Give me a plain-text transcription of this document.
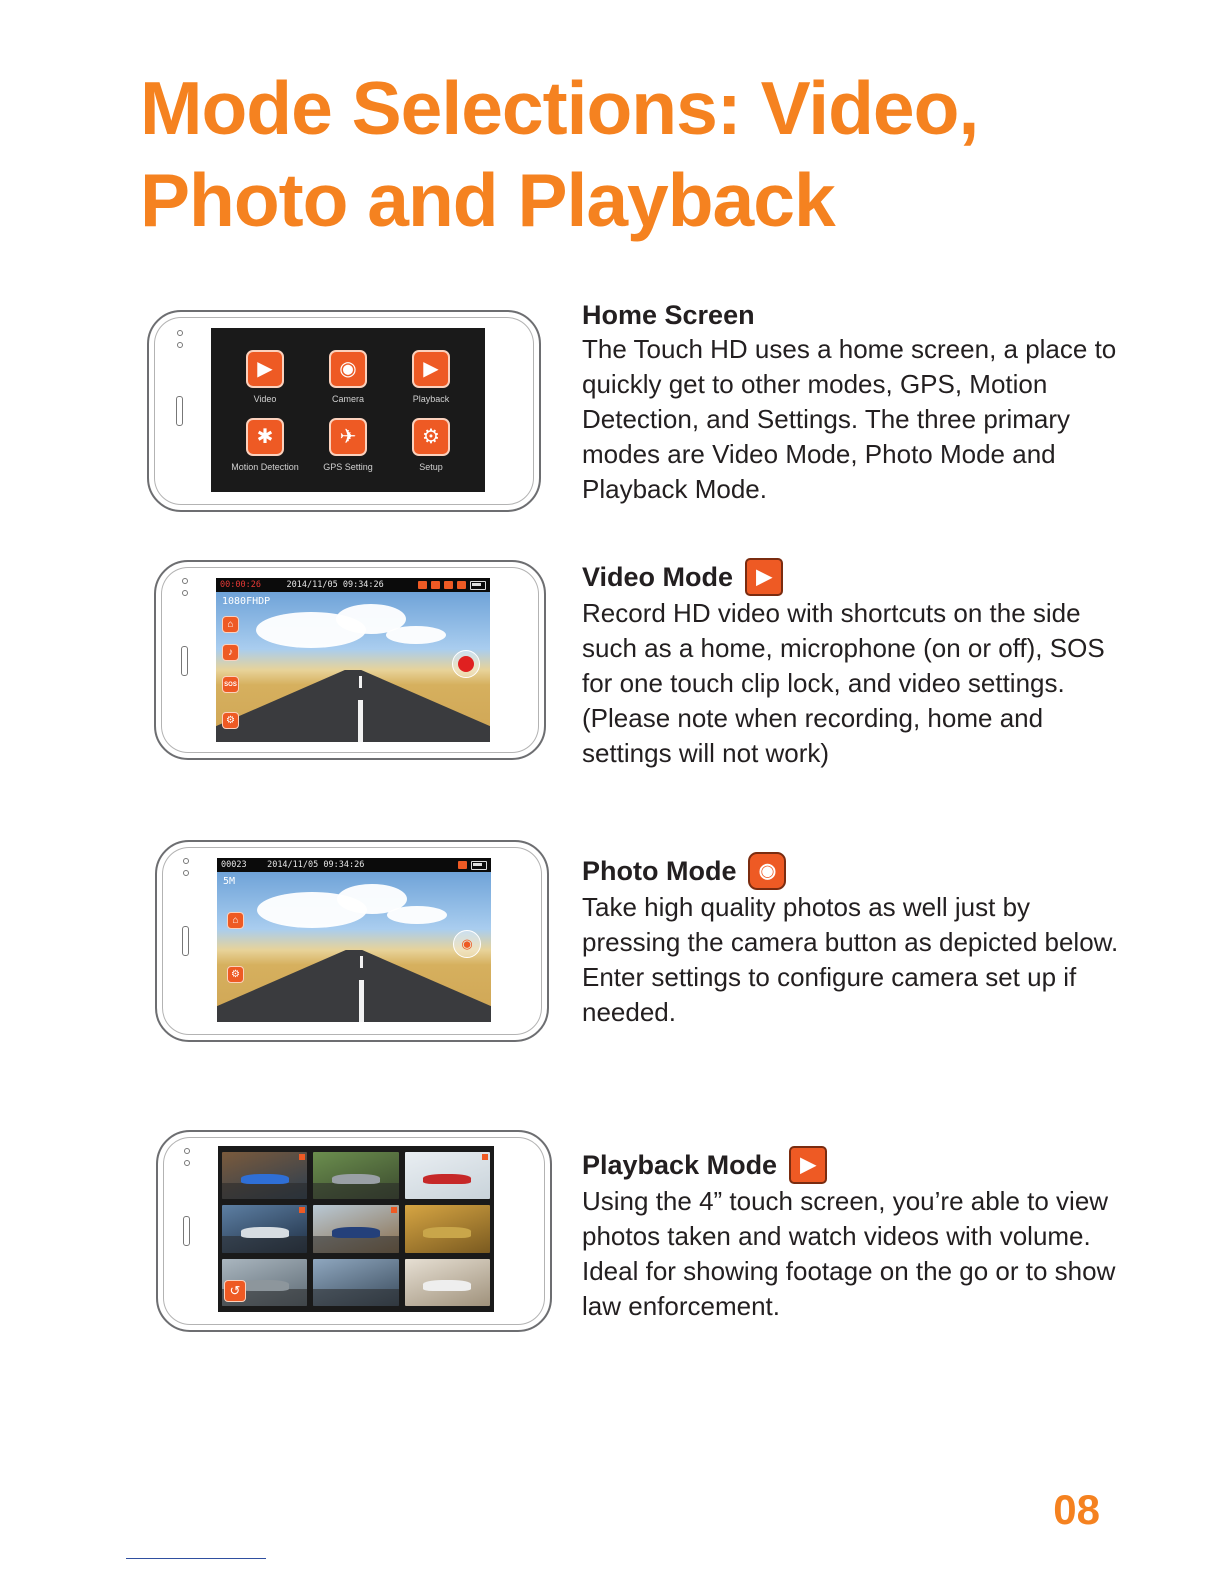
Mode Selections: Video,
Photo and Playback
▶
Video
◉
Camera
▶
Playback
✱
Motion Detection
✈
GPS Setting
⚙
Setup
Home Screen

The Touch HD uses a home screen, a place to quickly get to other modes, GPS, Motion Detection, and Settings. The three primary modes are Video Mode, Photo Mode and Playback Mode.

00:00:26	2014/11/05 09:34:26
1080FHDP
⌂
♪
SOS
⚙
Video Mode	▶

Record HD video with shortcuts on the side such as a home, microphone (on or off), SOS for one touch clip lock, and video settings. (Please note when recording, home and settings will not work)

00023 2014/11/05 09:34:26
5M
⌂
⚙
◉
Photo Mode	◉

Take high quality photos as well just by pressing the camera button as depicted below. Enter settings to configure camera set up if needed.

↺
Playback Mode	▶

Using the 4” touch screen, you’re able to view photos taken and watch videos with volume. Ideal for showing footage on the go or to show law enforcement.

08
